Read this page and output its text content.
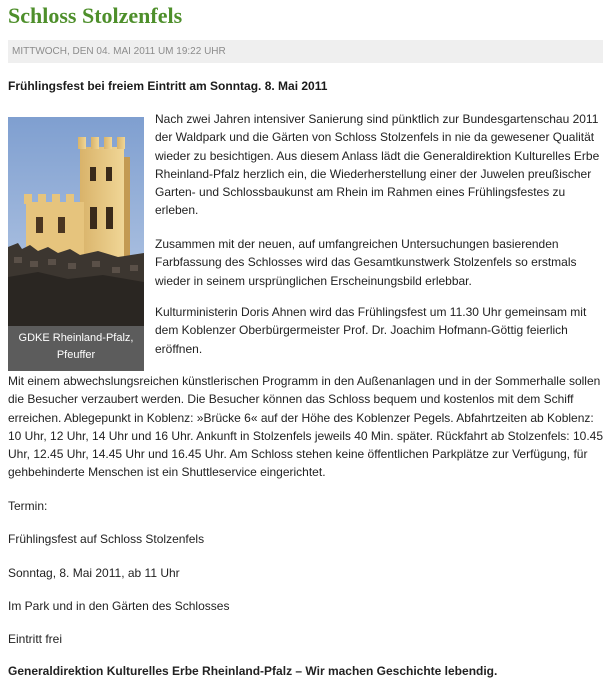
Schloss Stolzenfels
MITTWOCH, DEN 04. MAI 2011 UM 19:22 UHR

Frühlingsfest bei freiem Eintritt am Sonntag. 8. Mai 2011

GDKE Rheinland-Pfalz,
Pfeuffer

Nach zwei Jahren intensiver Sanierung sind pünktlich zur Bundesgartenschau 2011 der Waldpark und die Gärten von Schloss Stolzenfels in nie da gewesener Qualität wieder zu besichtigen. Aus diesem Anlass lädt die Generaldirektion Kulturelles Erbe Rheinland-Pfalz herzlich ein, die Wiederherstellung einer der Juwelen preußischer Garten- und Schlossbaukunst am Rhein im Rahmen eines Frühlingsfestes zu erleben.

Zusammen mit der neuen, auf umfangreichen Untersuchungen basierenden Farbfassung des Schlosses wird das Gesamtkunstwerk Stolzenfels so erstmals wieder in seinem ursprünglichen Erscheinungsbild erlebbar.

Kulturministerin Doris Ahnen wird das Frühlingsfest um 11.30 Uhr gemeinsam mit dem Koblenzer Oberbürgermeister Prof. Dr. Joachim Hofmann-Göttig feierlich eröffnen.

Mit einem abwechslungsreichen künstlerischen Programm in den Außenanlagen und in der Sommerhalle sollen die Besucher verzaubert werden. Die Besucher können das Schloss bequem und kostenlos mit dem Schiff erreichen. Ablegepunkt in Koblenz: »Brücke 6« auf der Höhe des Koblenzer Pegels. Abfahrtzeiten ab Koblenz: 10 Uhr, 12 Uhr, 14 Uhr und 16 Uhr. Ankunft in Stolzenfels jeweils 40 Min. später. Rückfahrt ab Stolzenfels: 10.45 Uhr, 12.45 Uhr, 14.45 Uhr und 16.45 Uhr. Am Schloss stehen keine öffentlichen Parkplätze zur Verfügung, für gehbehinderte Menschen ist ein Shuttleservice eingerichtet.

Termin:

Frühlingsfest auf Schloss Stolzenfels

Sonntag, 8. Mai 2011, ab 11 Uhr

Im Park und in den Gärten des Schlosses

Eintritt frei

Generaldirektion Kulturelles Erbe Rheinland-Pfalz – Wir machen Geschichte lebendig.
